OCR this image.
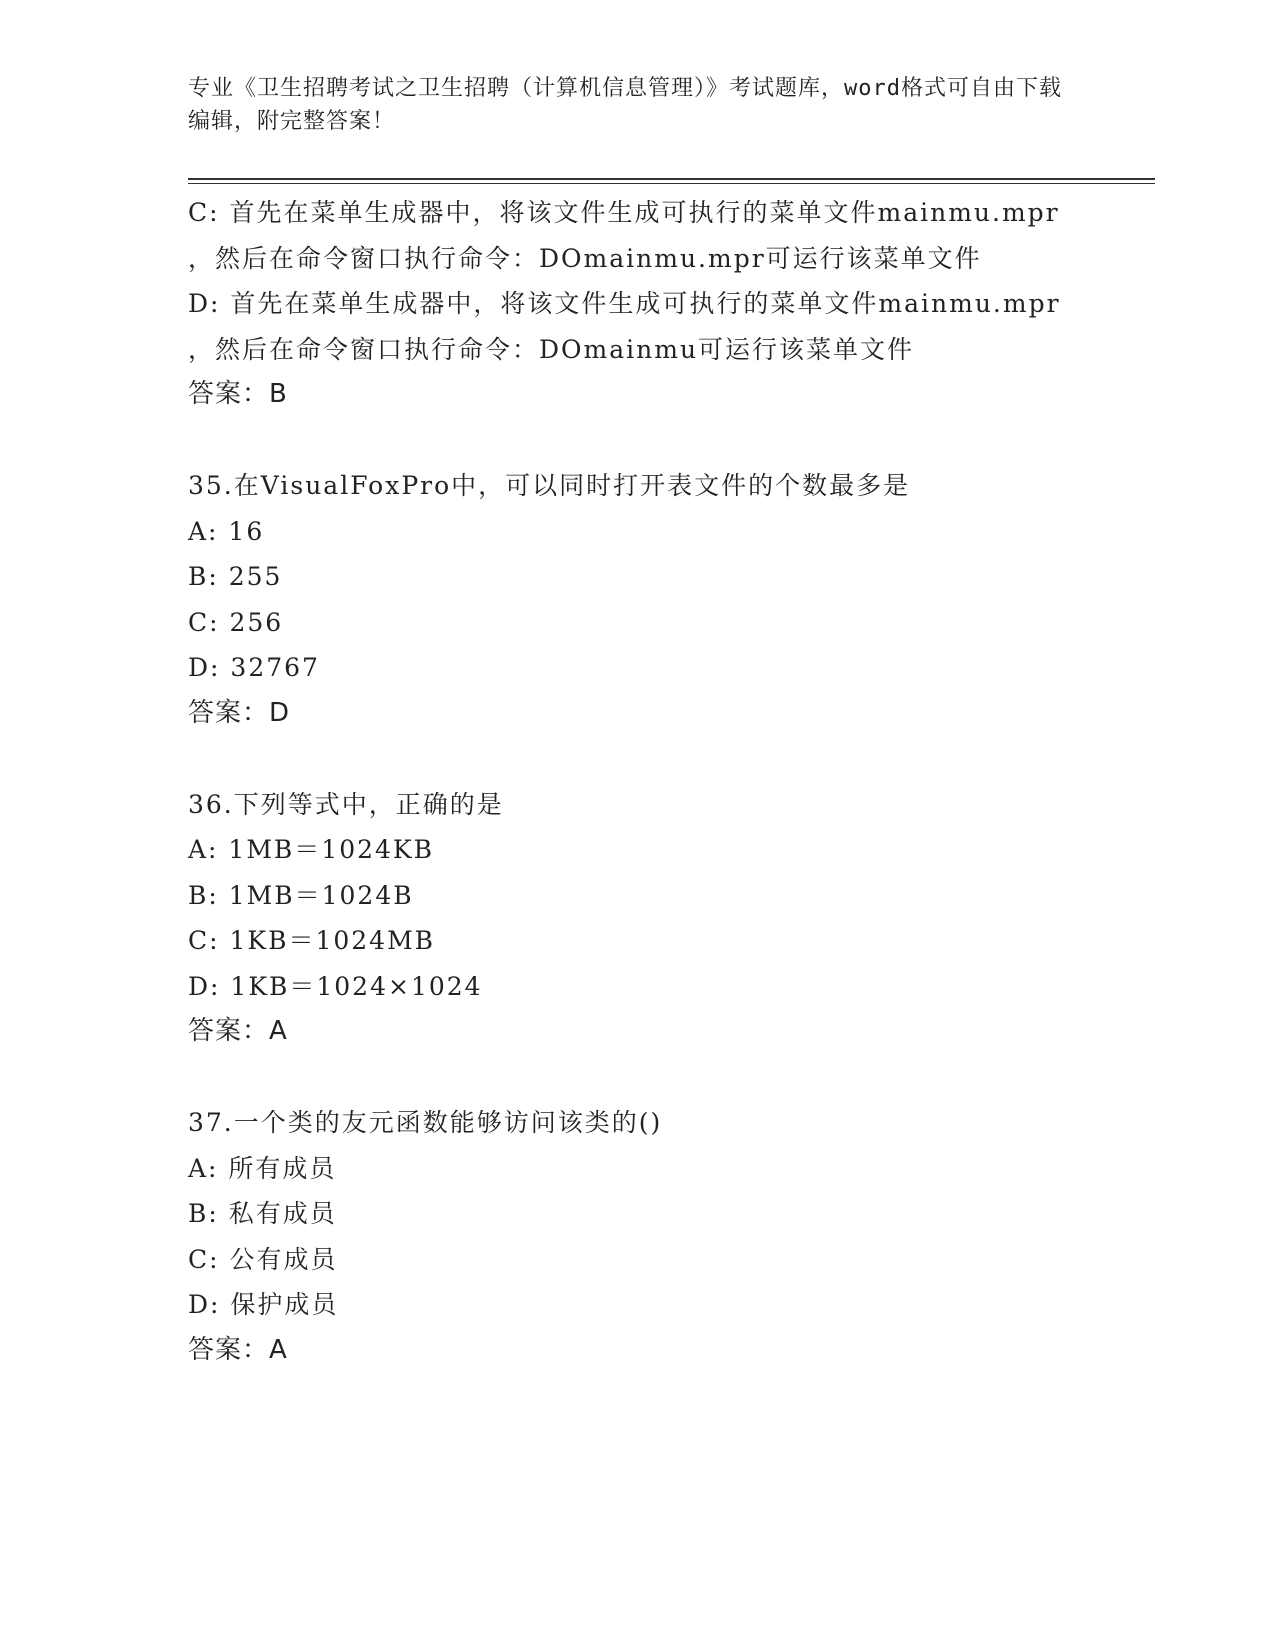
专业《卫生招聘考试之卫生招聘（计算机信息管理）》考试题库，word格式可自由下载编辑，附完整答案！
C: 首先在菜单生成器中，将该文件生成可执行的菜单文件mainmu.mpr
，然后在命令窗口执行命令：DOmainmu.mpr可运行该菜单文件
D: 首先在菜单生成器中，将该文件生成可执行的菜单文件mainmu.mpr
，然后在命令窗口执行命令：DOmainmu可运行该菜单文件
答案：B
35.在VisualFoxPro中，可以同时打开表文件的个数最多是
A: 16
B: 255
C: 256
D: 32767
答案：D
36.下列等式中，正确的是
A: 1MB＝1024KB
B: 1MB＝1024B
C: 1KB＝1024MB
D: 1KB＝1024×1024
答案：A
37.一个类的友元函数能够访问该类的()
A: 所有成员
B: 私有成员
C: 公有成员
D: 保护成员
答案：A
